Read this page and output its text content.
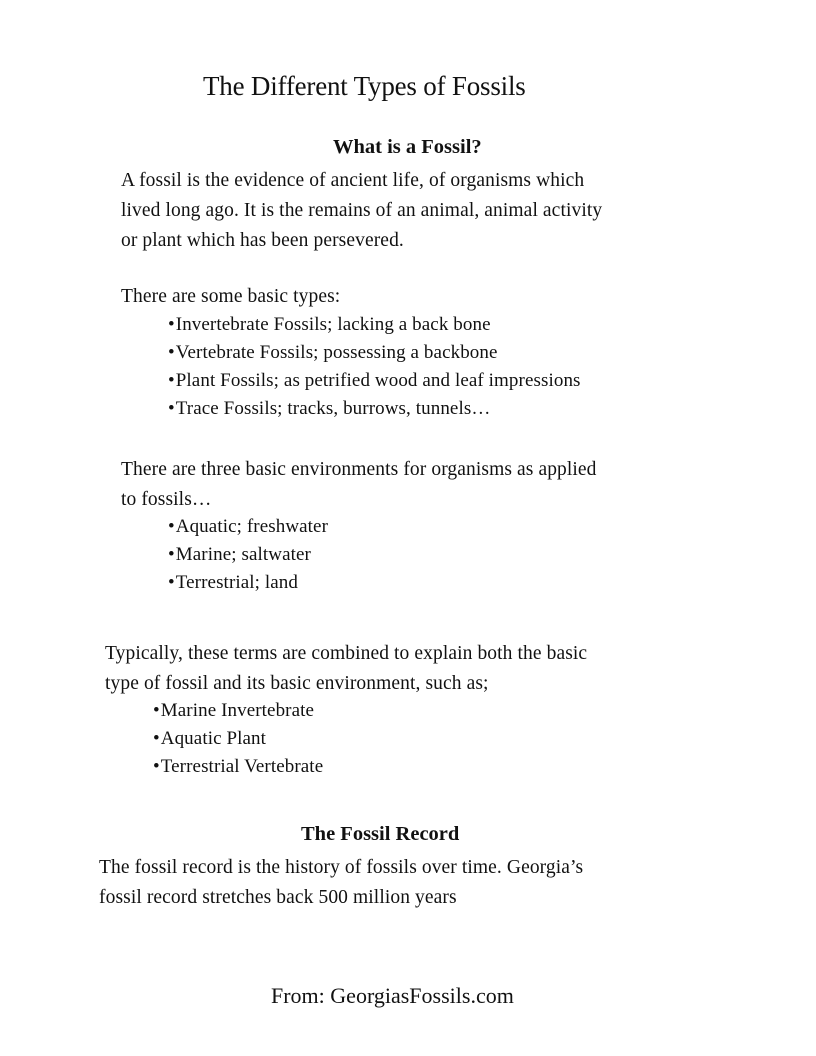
The Different Types of Fossils
What is a Fossil?
A fossil is the evidence of ancient life, of organisms which
lived long ago. It is the remains of an animal, animal activity
or plant which has been persevered.
There are some basic types:
• Invertebrate Fossils; lacking a back bone
• Vertebrate Fossils; possessing a backbone
• Plant Fossils; as petrified wood and leaf impressions
• Trace Fossils; tracks, burrows, tunnels…
There are three basic environments for organisms as applied
to fossils…
• Aquatic; freshwater
• Marine; saltwater
• Terrestrial; land
Typically, these terms are combined to explain both the basic
type of fossil and its basic environment, such as;
• Marine Invertebrate
• Aquatic Plant
• Terrestrial Vertebrate
The Fossil Record
The fossil record is the history of fossils over time. Georgia’s
fossil record stretches back 500 million years
From: GeorgiasFossils.com
